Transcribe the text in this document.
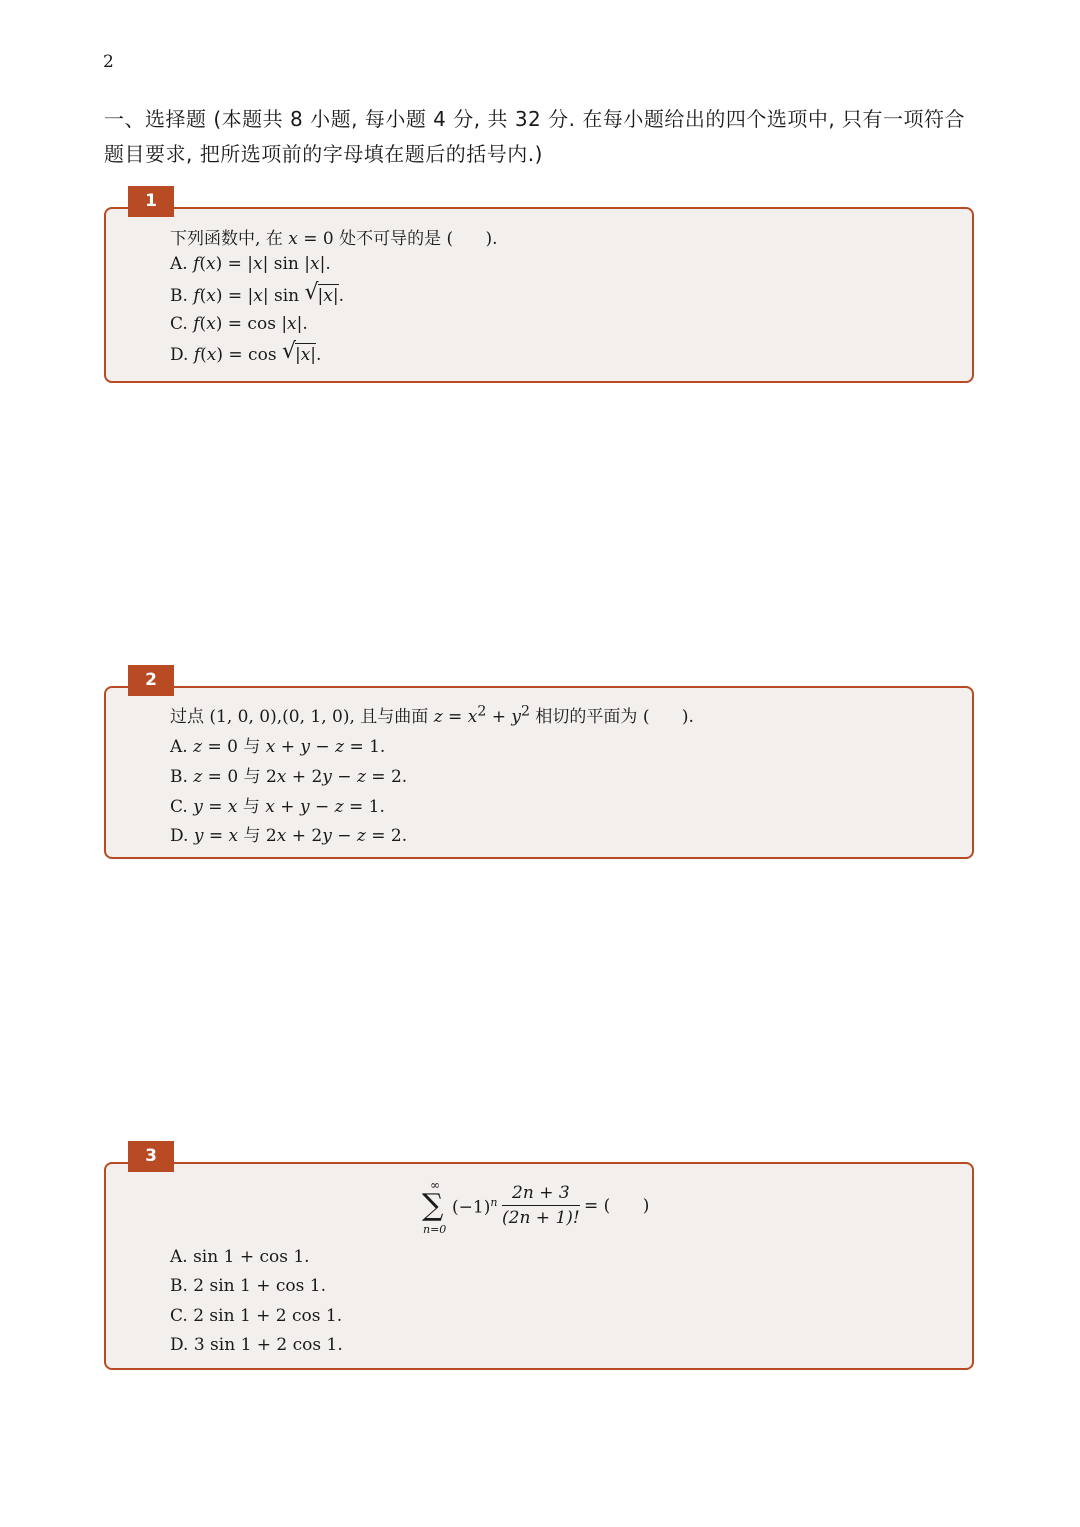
2
一、选择题 (本题共 8 小题, 每小题 4 分, 共 32 分. 在每小题给出的四个选项中, 只有一项符合题目要求, 把所选项前的字母填在题后的括号内.)
1
下列函数中, 在 x = 0 处不可导的是 (      ).
A. f(x) = |x| sin |x|.
B. f(x) = |x| sin √
|x|.
C. f(x) = cos |x|.
D. f(x) = cos √
|x|.
2
过点 (1, 0, 0),(0, 1, 0), 且与曲面 $z = x^2 + y^2$ 相切的平面为 (      ).
A. z = 0 与 x + y − z = 1.
B. z = 0 与 2x + 2y − z = 2.
C. y = x 与 x + y − z = 1.
D. y = x 与 2x + 2y − z = 2.
3
∞
∑
n=0
$(-1)^n \frac{2n + 3}{(2n + 1)!}$ = (      )
A. sin 1 + cos 1.
B. 2 sin 1 + cos 1.
C. 2 sin 1 + 2 cos 1.
D. 3 sin 1 + 2 cos 1.
